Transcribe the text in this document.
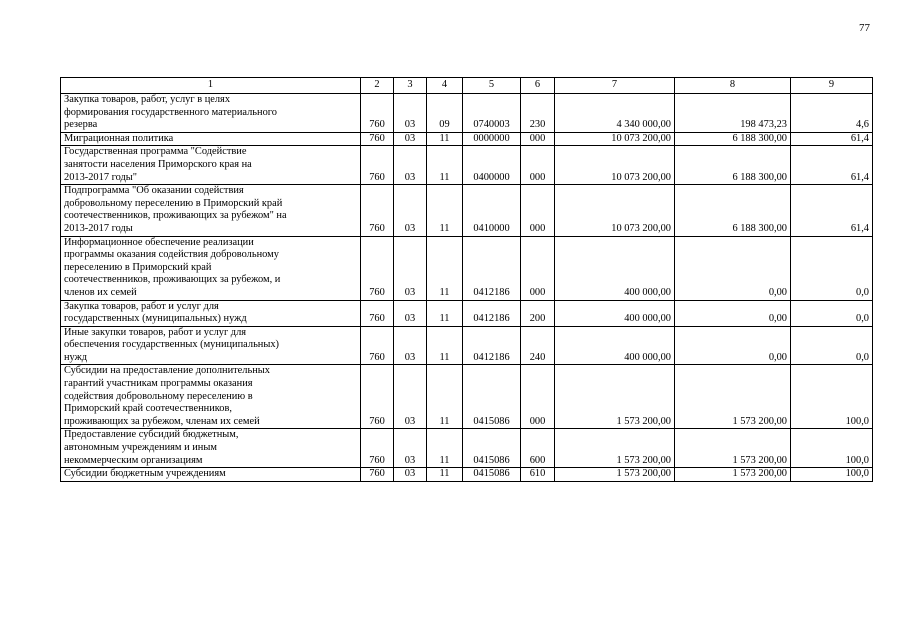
77
1	2	3	4	5	6	7	8	9
Закупка товаров, работ, услуг в целях
формирования государственного материального
резерва	760	03	09	0740003	230	4 340 000,00	198 473,23	4,6
Миграционная политика	760	03	11	0000000	000	10 073 200,00	6 188 300,00	61,4
Государственная программа "Содействие
занятости населения Приморского края на
2013-2017 годы"	760	03	11	0400000	000	10 073 200,00	6 188 300,00	61,4
Подпрограмма "Об оказании содействия
добровольному переселению в Приморский край
соотечественников, проживающих за рубежом" на
2013-2017 годы	760	03	11	0410000	000	10 073 200,00	6 188 300,00	61,4
Информационное обеспечение реализации
программы оказания содействия добровольному
переселению в Приморский край
соотечественников, проживающих за рубежом, и
членов их семей	760	03	11	0412186	000	400 000,00	0,00	0,0
Закупка товаров, работ и услуг для
государственных (муниципальных) нужд	760	03	11	0412186	200	400 000,00	0,00	0,0
Иные закупки товаров, работ и услуг для
обеспечения государственных (муниципальных)
нужд	760	03	11	0412186	240	400 000,00	0,00	0,0
Субсидии на предоставление дополнительных
гарантий участникам программы оказания
содействия добровольному переселению в
Приморский край соотечественников,
проживающих за рубежом, членам их семей	760	03	11	0415086	000	1 573 200,00	1 573 200,00	100,0
Предоставление субсидий бюджетным,
автономным учреждениям и иным
некоммерческим организациям	760	03	11	0415086	600	1 573 200,00	1 573 200,00	100,0
Субсидии бюджетным учреждениям	760	03	11	0415086	610	1 573 200,00	1 573 200,00	100,0
